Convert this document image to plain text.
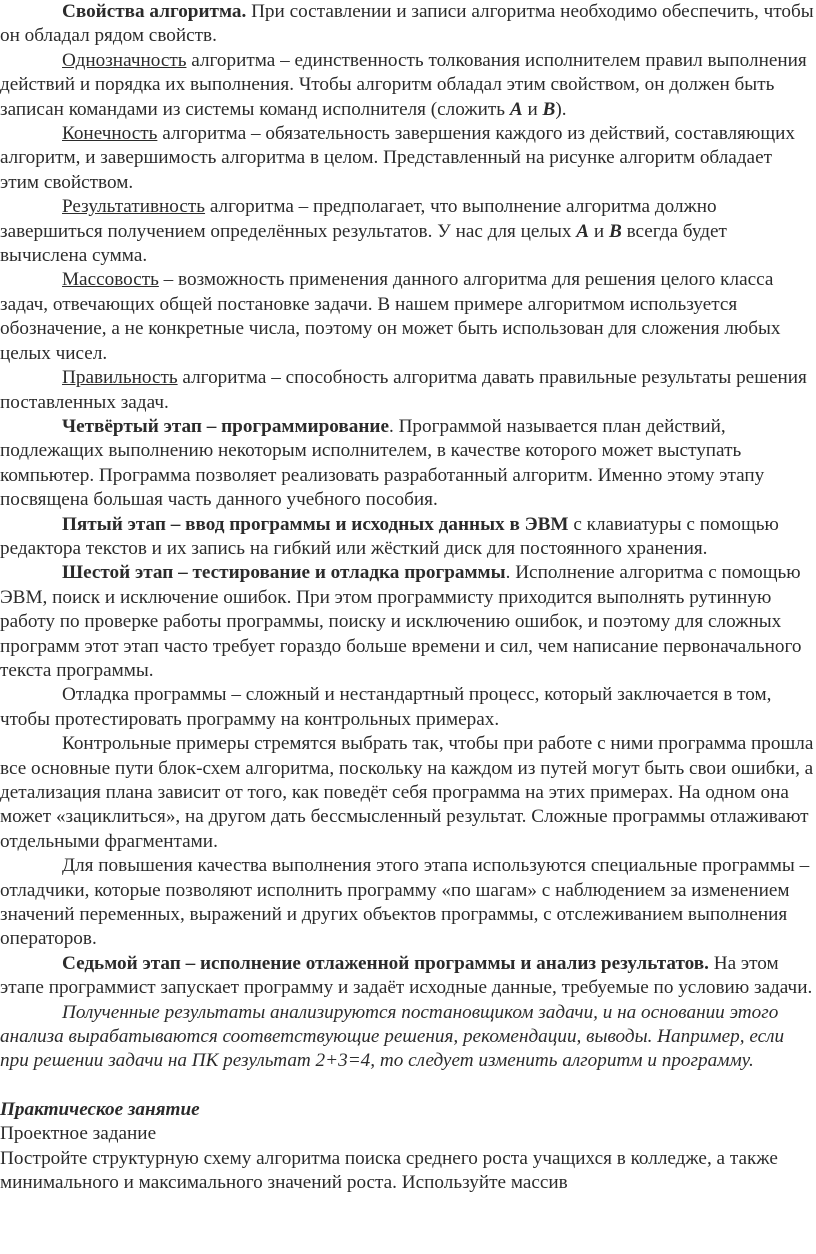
Свойства алгоритма. При составлении и записи алгоритма необходимо обеспечить, чтобы он обладал рядом свойств.

Однозначность алгоритма – единственность толкования исполнителем правил выполнения действий и порядка их выполнения. Чтобы алгоритм обладал этим свойством, он должен быть записан командами из системы команд исполнителя (сложить А и В).

Конечность алгоритма – обязательность завершения каждого из действий, составляющих алгоритм, и завершимость алгоритма в целом. Представленный на рисунке алгоритм обладает этим свойством.

Результативность алгоритма – предполагает, что выполнение алгоритма должно завершиться получением определённых результатов. У нас для целых А и В всегда будет вычислена сумма.

Массовость – возможность применения данного алгоритма для решения целого класса задач, отвечающих общей постановке задачи. В нашем примере алгоритмом используется обозначение, а не конкретные числа, поэтому он может быть использован для сложения любых целых чисел.

Правильность алгоритма – способность алгоритма давать правильные результаты решения поставленных задач.

Четвёртый этап – программирование. Программой называется план действий, подлежащих выполнению некоторым исполнителем, в качестве которого может выступать компьютер. Программа позволяет реализовать разработанный алгоритм. Именно этому этапу посвящена большая часть данного учебного пособия.

Пятый этап – ввод программы и исходных данных в ЭВМ с клавиатуры с помощью редактора текстов и их запись на гибкий или жёсткий диск для постоянного хранения.

Шестой этап – тестирование и отладка программы. Исполнение алгоритма с помощью ЭВМ, поиск и исключение ошибок. При этом программисту приходится выполнять рутинную работу по проверке работы программы, поиску и исключению ошибок, и поэтому для сложных программ этот этап часто требует гораздо больше времени и сил, чем написание первоначального текста программы.

Отладка программы – сложный и нестандартный процесс, который заключается в том, чтобы протестировать программу на контрольных примерах.

Контрольные примеры стремятся выбрать так, чтобы при работе с ними программа прошла все основные пути блок-схем алгоритма, поскольку на каждом из путей могут быть свои ошибки, а детализация плана зависит от того, как поведёт себя программа на этих примерах. На одном она может «зациклиться», на другом дать бессмысленный результат. Сложные программы отлаживают отдельными фрагментами.

Для повышения качества выполнения этого этапа используются специальные программы – отладчики, которые позволяют исполнить программу «по шагам» с наблюдением за изменением значений переменных, выражений и других объектов программы, с отслеживанием выполнения операторов.

Седьмой этап – исполнение отлаженной программы и анализ результатов. На этом этапе программист запускает программу и задаёт исходные данные, требуемые по условию задачи.

Полученные результаты анализируются постановщиком задачи, и на основании этого анализа вырабатываются соответствующие решения, рекомендации, выводы. Например, если при решении задачи на ПК результат 2+3=4, то следует изменить алгоритм и программу.

Практическое занятие

Проектное задание

Постройте структурную схему алгоритма поиска среднего роста учащихся в колледже, а также минимального и максимального значений роста. Используйте массив
